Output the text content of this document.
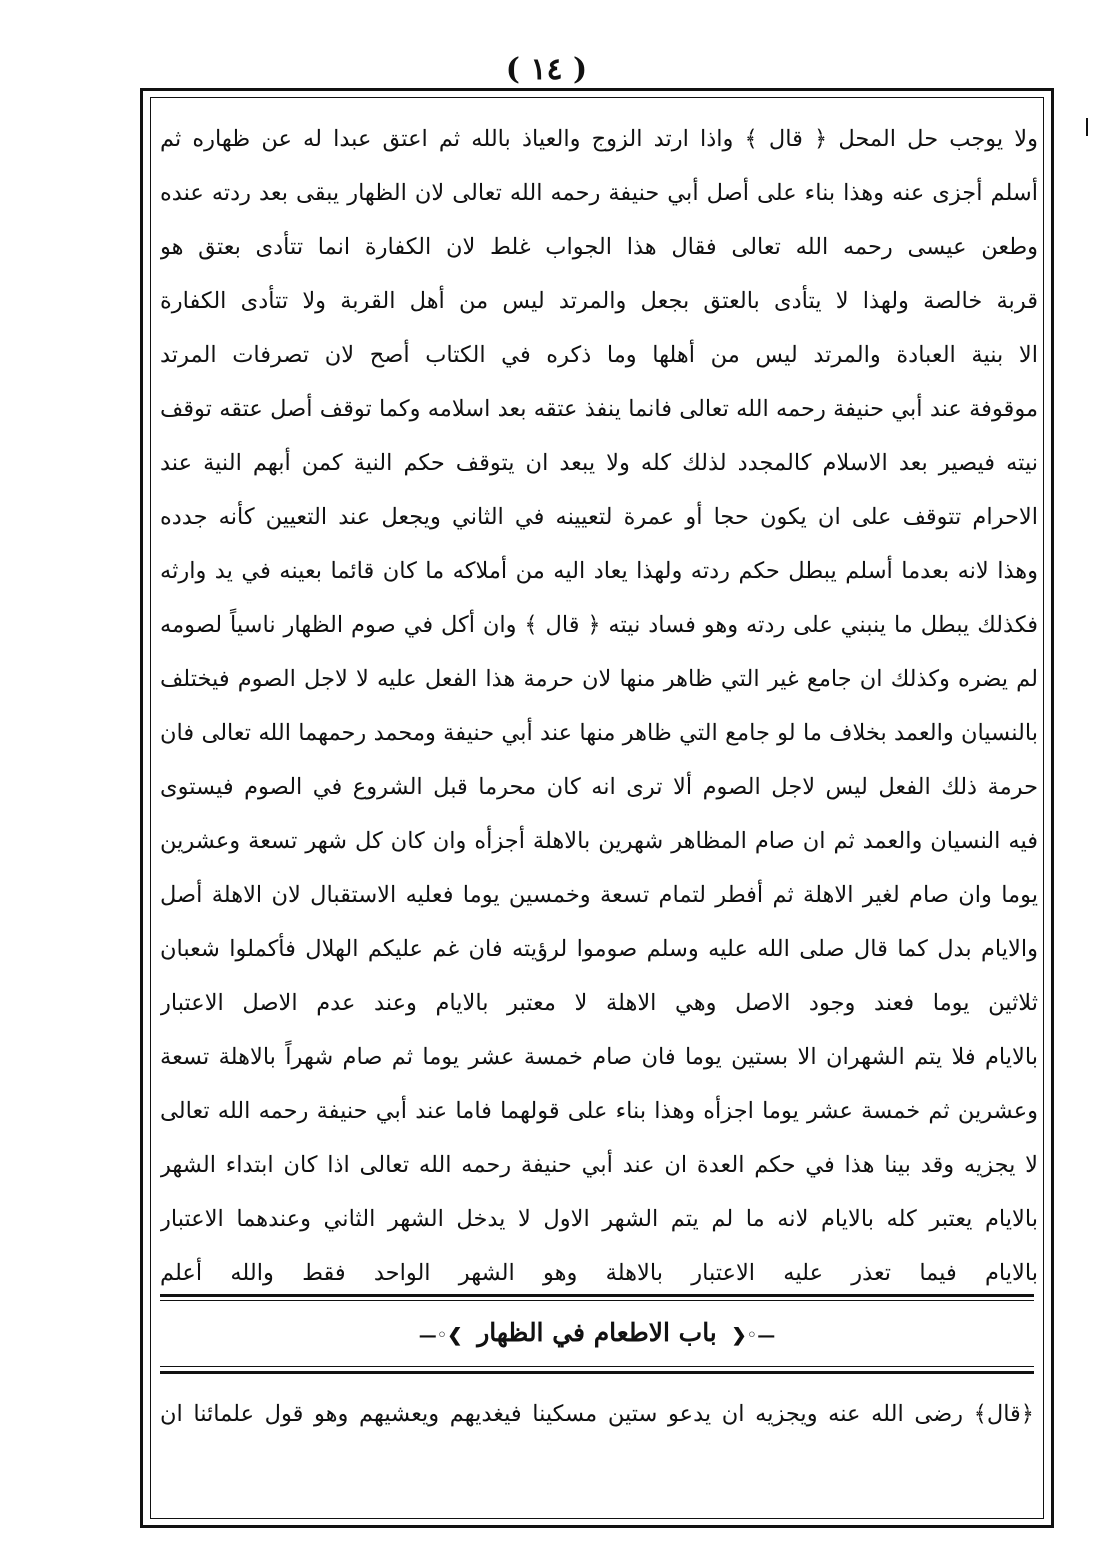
( ١٤ )
ولا يوجب حل المحل ﴿ قال ﴾ واذا ارتد الزوج والعياذ بالله ثم اعتق عبدا له عن ظهاره ثم
أسلم أجزى عنه وهذا بناء على أصل أبي حنيفة رحمه الله تعالى لان الظهار يبقى بعد ردته عنده
وطعن عيسى رحمه الله تعالى فقال هذا الجواب غلط لان الكفارة انما تتأدى بعتق هو
قربة خالصة ولهذا لا يتأدى بالعتق بجعل والمرتد ليس من أهل القربة ولا تتأدى الكفارة
الا بنية العبادة والمرتد ليس من أهلها وما ذكره في الكتاب أصح لان تصرفات المرتد
موقوفة عند أبي حنيفة رحمه الله تعالى فانما ينفذ عتقه بعد اسلامه وكما توقف أصل عتقه توقف
نيته فيصير بعد الاسلام كالمجدد لذلك كله ولا يبعد ان يتوقف حكم النية كمن أبهم النية عند
الاحرام تتوقف على ان يكون حجا أو عمرة لتعيينه في الثاني ويجعل عند التعيين كأنه جدده
وهذا لانه بعدما أسلم يبطل حكم ردته ولهذا يعاد اليه من أملاكه ما كان قائما بعينه في يد وارثه
فكذلك يبطل ما ينبني على ردته وهو فساد نيته ﴿ قال ﴾ وان أكل في صوم الظهار ناسياً لصومه
لم يضره وكذلك ان جامع غير التي ظاهر منها لان حرمة هذا الفعل عليه لا لاجل الصوم فيختلف
بالنسيان والعمد بخلاف ما لو جامع التي ظاهر منها عند أبي حنيفة ومحمد رحمهما الله تعالى فان
حرمة ذلك الفعل ليس لاجل الصوم ألا ترى انه كان محرما قبل الشروع في الصوم فيستوى
فيه النسيان والعمد ثم ان صام المظاهر شهرين بالاهلة أجزأه وان كان كل شهر تسعة وعشرين
يوما وان صام لغير الاهلة ثم أفطر لتمام تسعة وخمسين يوما فعليه الاستقبال لان الاهلة أصل
والايام بدل كما قال صلى الله عليه وسلم صوموا لرؤيته فان غم عليكم الهلال فأكملوا شعبان
ثلاثين يوما فعند وجود الاصل وهي الاهلة لا معتبر بالايام وعند عدم الاصل الاعتبار
بالايام فلا يتم الشهران الا بستين يوما فان صام خمسة عشر يوما ثم صام شهراً بالاهلة تسعة
وعشرين ثم خمسة عشر يوما اجزأه وهذا بناء على قولهما فاما عند أبي حنيفة رحمه الله تعالى
لا يجزيه وقد بينا هذا في حكم العدة ان عند أبي حنيفة رحمه الله تعالى اذا كان ابتداء الشهر
بالايام يعتبر كله بالايام لانه ما لم يتم الشهر الاول لا يدخل الشهر الثاني وعندهما الاعتبار
بالايام فيما تعذر عليه الاعتبار بالاهلة وهو الشهر الواحد فقط والله أعلم
—◦❮ باب الاطعام في الظهار ❯◦—
﴿قال﴾ رضى الله عنه ويجزيه ان يدعو ستين مسكينا فيغديهم ويعشيهم وهو قول علمائنا ان
